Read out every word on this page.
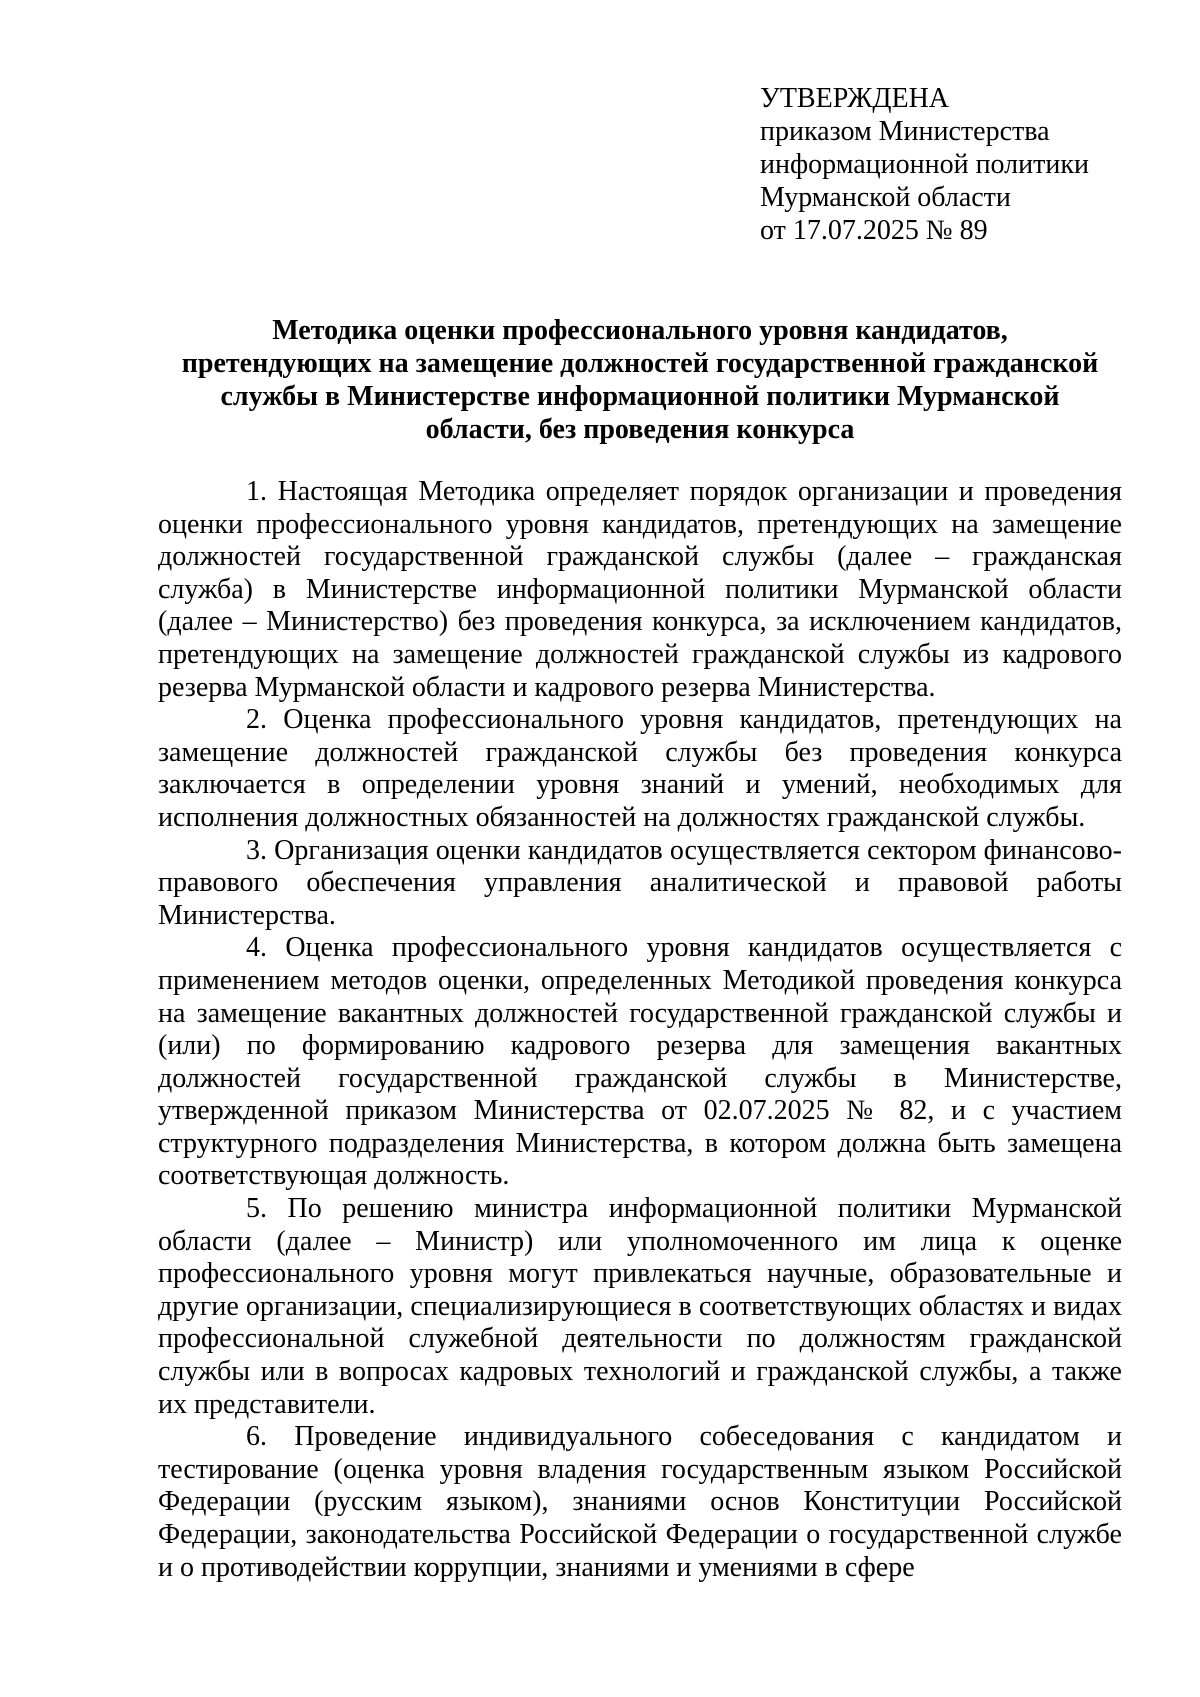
УТВЕРЖДЕНА
приказом Министерства
информационной политики
Мурманской области
от 17.07.2025 № 89
Методика оценки профессионального уровня кандидатов,
претендующих на замещение должностей государственной гражданской
службы в Министерстве информационной политики Мурманской
области, без проведения конкурса

1. Настоящая Методика определяет порядок организации и проведения оценки профессионального уровня кандидатов, претендующих на замещение должностей государственной гражданской службы (далее – гражданская служба) в Министерстве информационной политики Мурманской области (далее – Министерство) без проведения конкурса, за исключением кандидатов, претендующих на замещение должностей гражданской службы из кадрового резерва Мурманской области и кадрового резерва Министерства.

2. Оценка профессионального уровня кандидатов, претендующих на замещение должностей гражданской службы без проведения конкурса заключается в определении уровня знаний и умений, необходимых для исполнения должностных обязанностей на должностях гражданской службы.

3. Организация оценки кандидатов осуществляется сектором финансово-правового обеспечения управления аналитической и правовой работы Министерства.

4. Оценка профессионального уровня кандидатов осуществляется с применением методов оценки, определенных Методикой проведения конкурса на замещение вакантных должностей государственной гражданской службы и (или) по формированию кадрового резерва для замещения вакантных должностей государственной гражданской службы в Министерстве, утвержденной приказом Министерства от 02.07.2025 № 82, и с участием структурного подразделения Министерства, в котором должна быть замещена соответствующая должность.

5. По решению министра информационной политики Мурманской области (далее – Министр) или уполномоченного им лица к оценке профессионального уровня могут привлекаться научные, образовательные и другие организации, специализирующиеся в соответствующих областях и видах профессиональной служебной деятельности по должностям гражданской службы или в вопросах кадровых технологий и гражданской службы, а также их представители.

6. Проведение индивидуального собеседования с кандидатом и тестирование (оценка уровня владения государственным языком Российской Федерации (русским языком), знаниями основ Конституции Российской Федерации, законодательства Российской Федерации о государственной службе и о противодействии коррупции, знаниями и умениями в сфере
